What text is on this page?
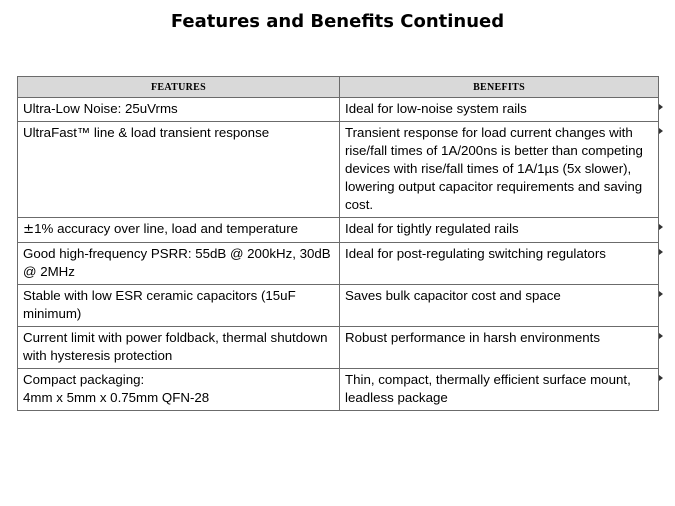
Features and Benefits Continued
FEATURES	BENEFITS
Ultra-Low Noise: 25uVrms	Ideal for low-noise system rails

UltraFast™ line & load transient response	Transient response for load current changes with rise/fall times of 1A/200ns is better than competing devices with rise/fall times of 1A/1µs (5x slower), lowering output capacitor requirements and saving cost.

±1% accuracy over line, load and temperature	Ideal for tightly regulated rails

Good high-frequency PSRR: 55dB @ 200kHz, 30dB @ 2MHz	Ideal for post-regulating switching regulators

Stable with low ESR ceramic capacitors (15uF minimum)	Saves bulk capacitor cost and space

Current limit with power foldback, thermal shutdown with hysteresis protection	Robust performance in harsh environments

Compact packaging:
4mm x 5mm x 0.75mm QFN-28	Thin, compact, thermally efficient surface mount, leadless package
